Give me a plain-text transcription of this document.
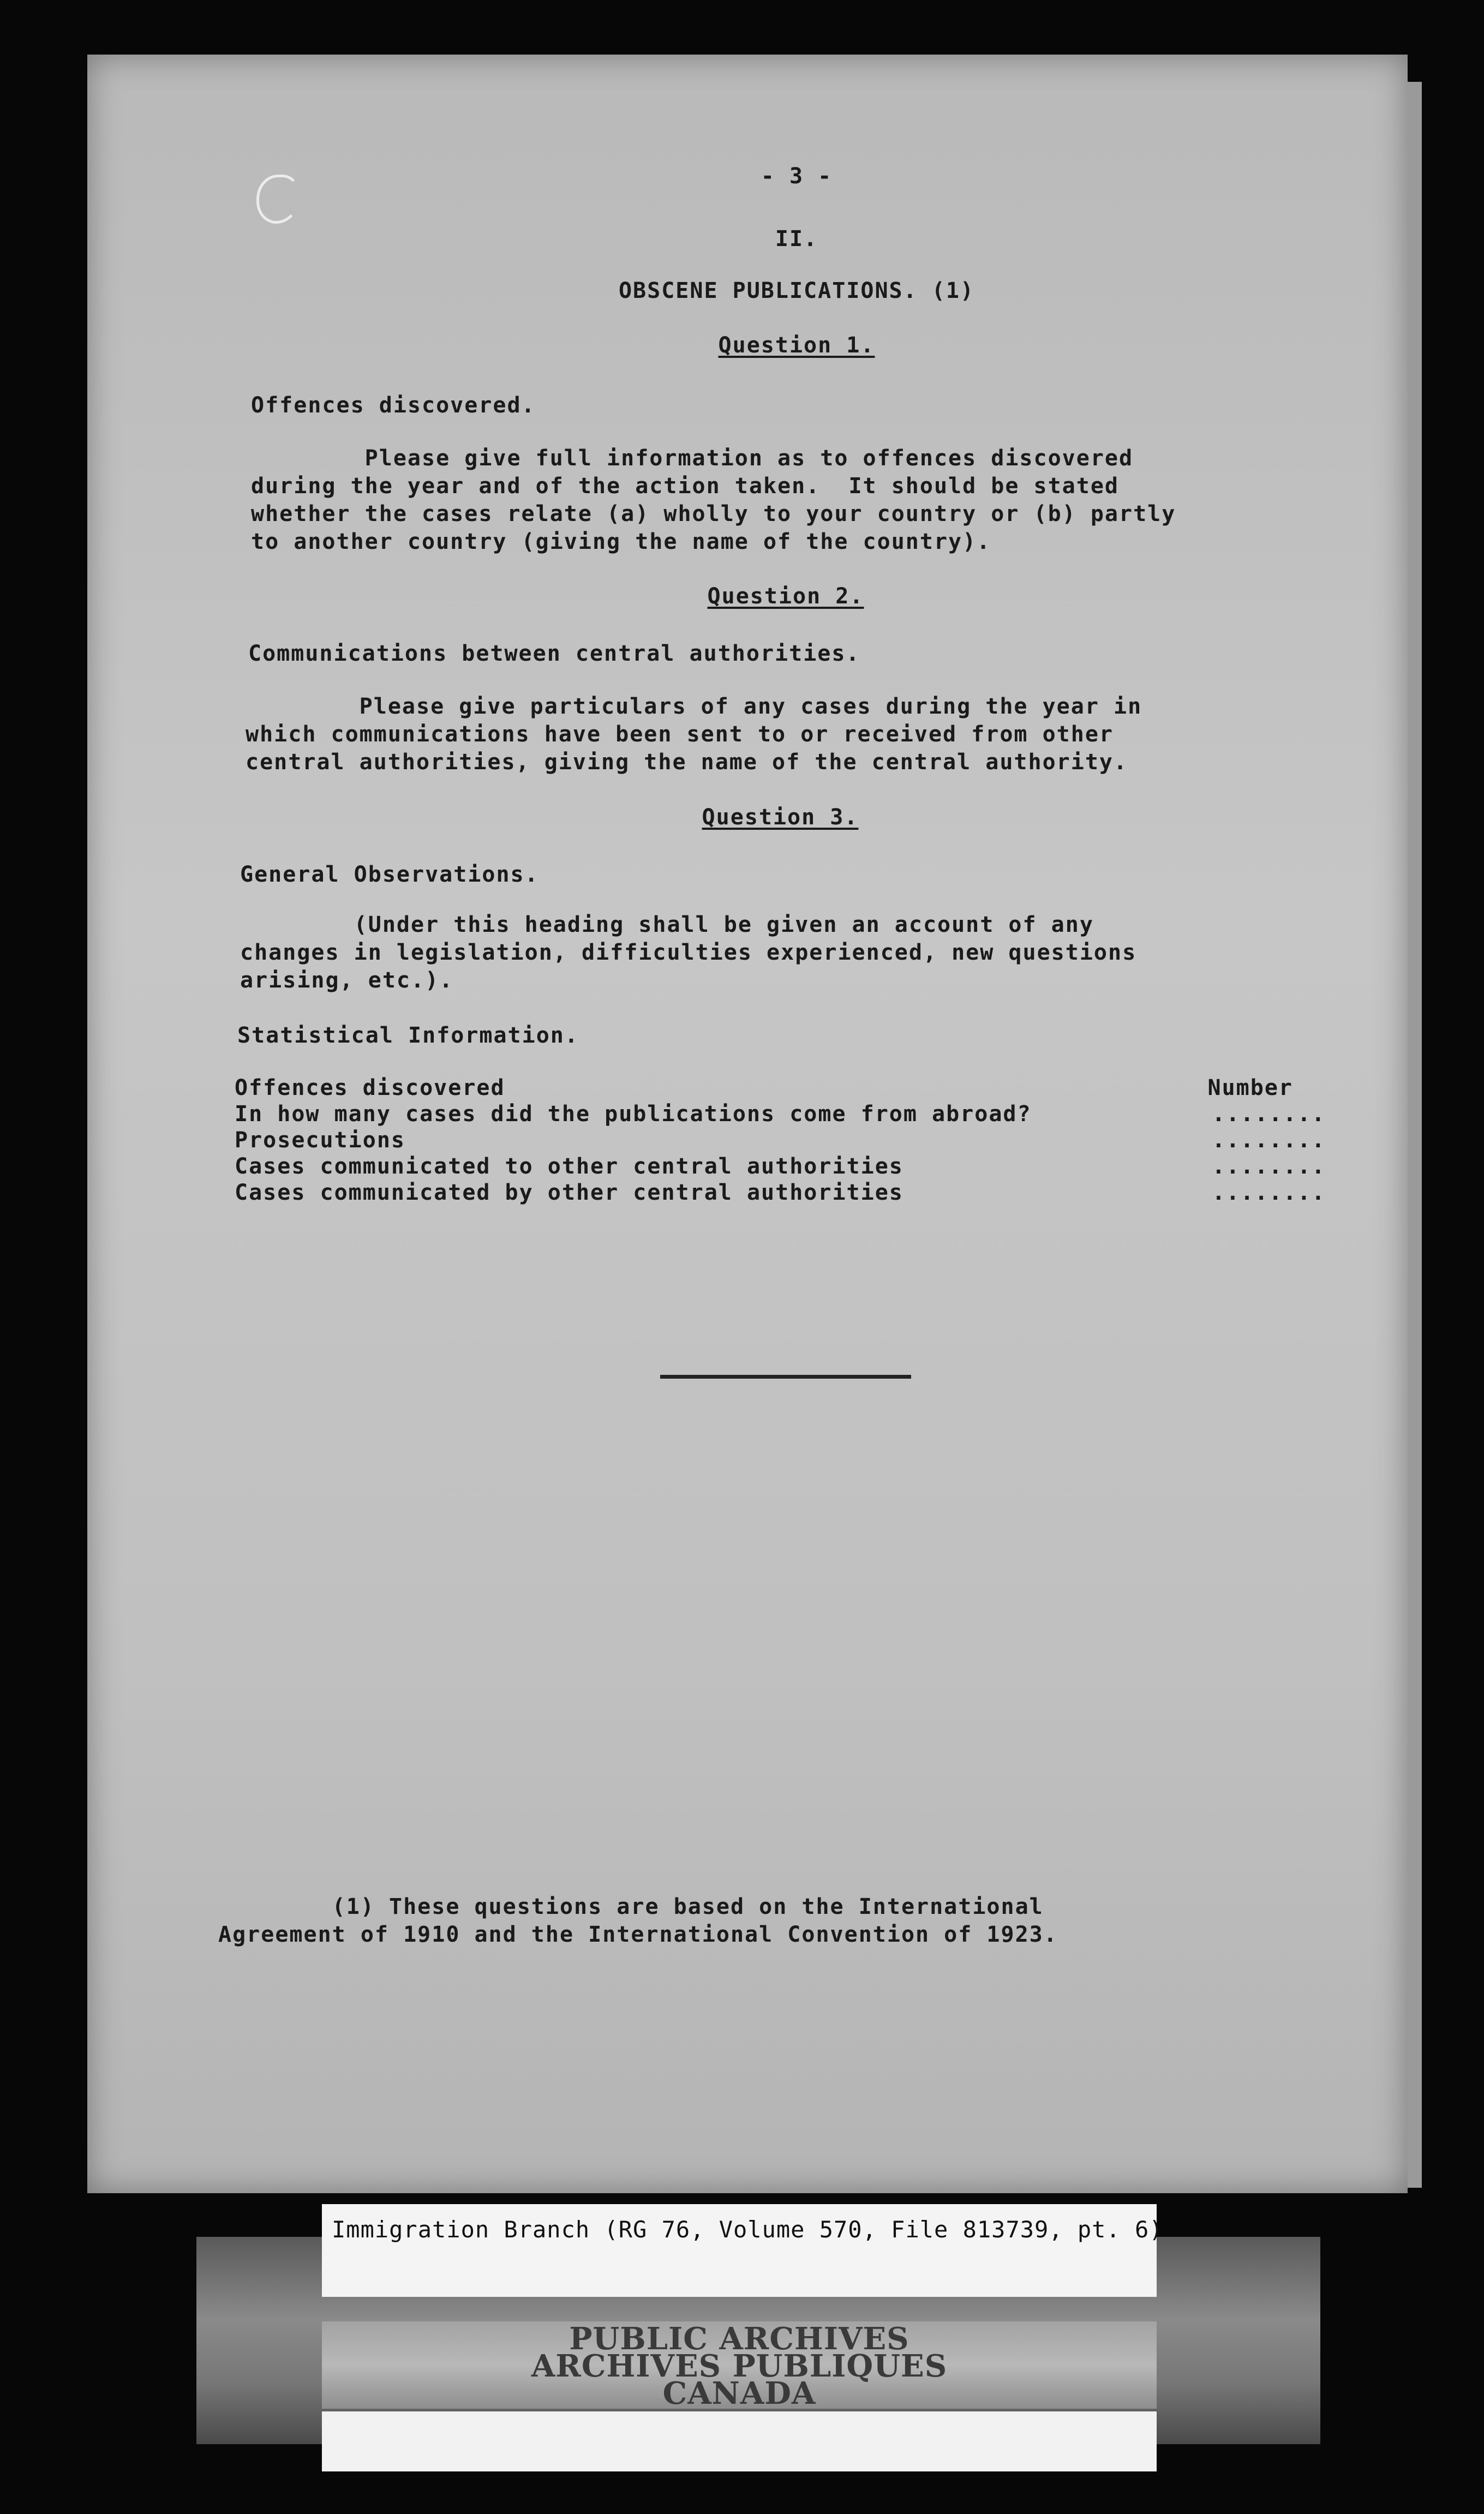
- 3 -
II.
OBSCENE PUBLICATIONS. (1)
Question 1.
Offences discovered.
Please give full information as to offences discovered
during the year and of the action taken.  It should be stated
whether the cases relate (a) wholly to your country or (b) partly
to another country (giving the name of the country).
Question 2.
Communications between central authorities.
Please give particulars of any cases during the year in
which communications have been sent to or received from other
central authorities, giving the name of the central authority.
Question 3.
General Observations.
(Under this heading shall be given an account of any
changes in legislation, difficulties experienced, new questions
arising, etc.).
Statistical Information.
Offences discovered	Number
In how many cases did the publications come from abroad?	........
Prosecutions	........
Cases communicated to other central authorities	........
Cases communicated by other central authorities	........
(1) These questions are based on the International
Agreement of 1910 and the International Convention of 1923.
Immigration Branch (RG 76, Volume 570, File 813739, pt. 6)
PUBLIC ARCHIVES
ARCHIVES PUBLIQUES
CANADA
